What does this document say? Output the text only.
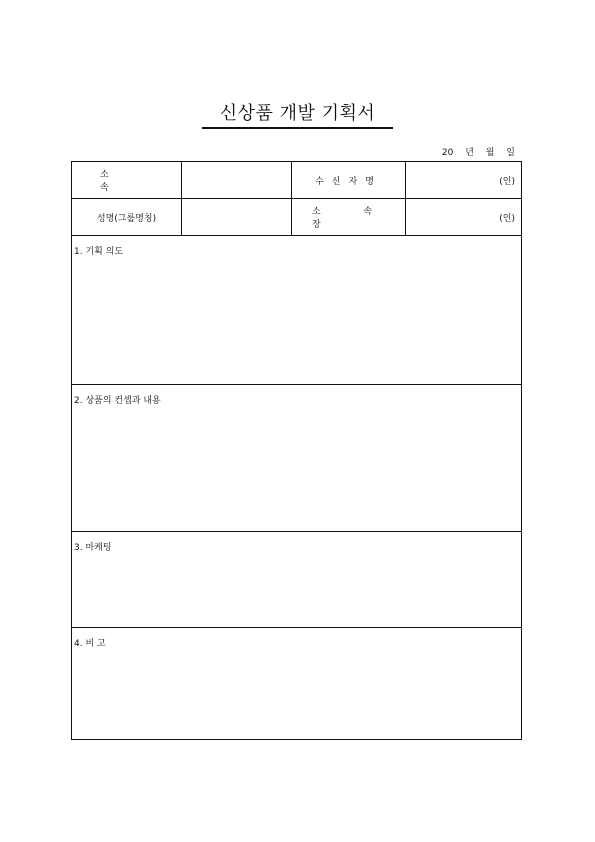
신상품 개발 기획서
20 년 월 일
소 속
수신자명	(인)
성명(그룹명칭)
소 속 장
(인)
1. 기획 의도
2. 상품의 컨셉과 내용
3. 마케팅
4. 비 고
